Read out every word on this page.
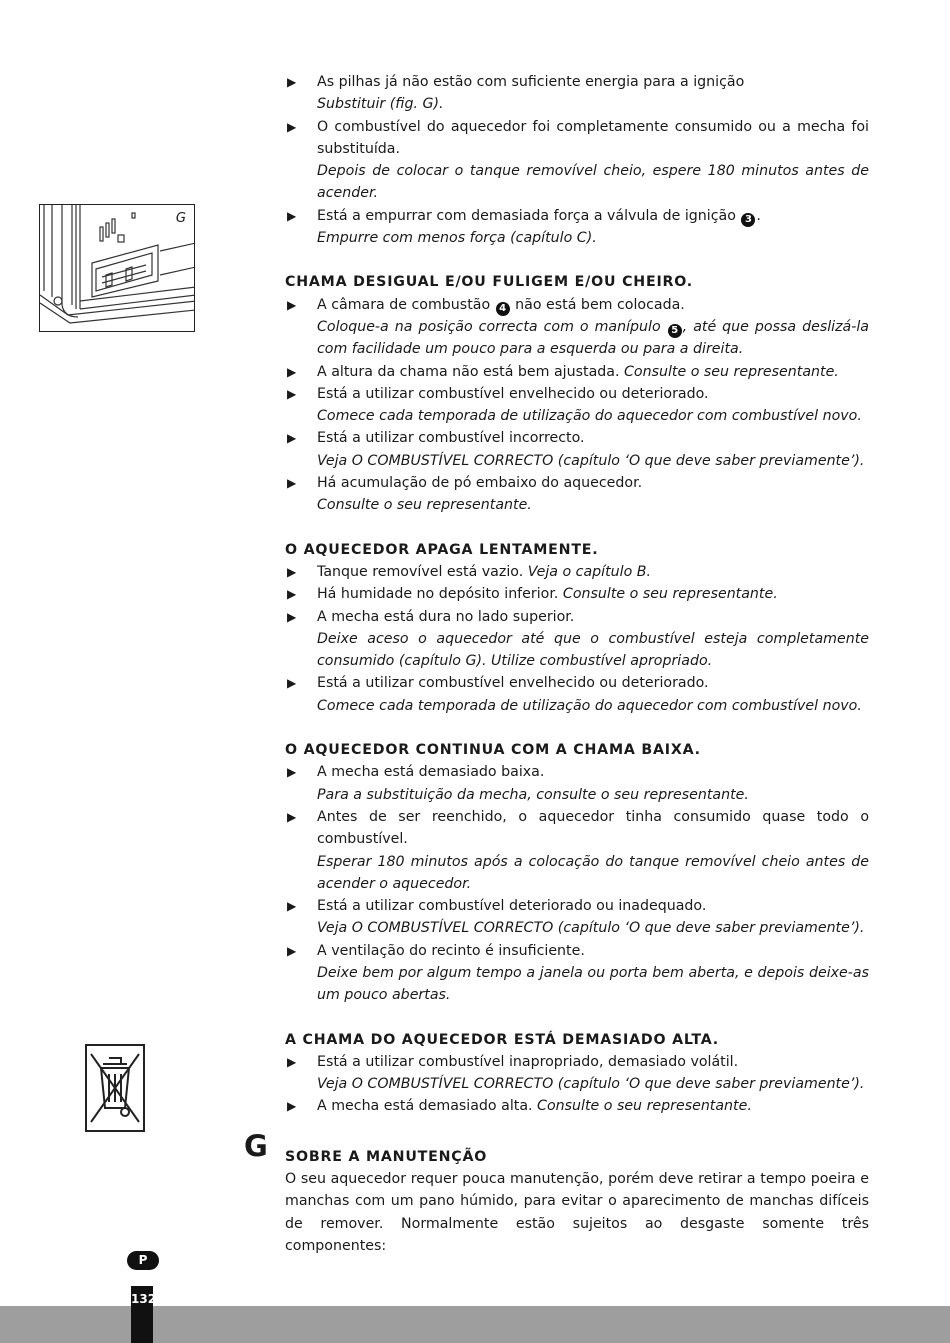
G
▶ As pilhas já não estão com suficiente energia para a ignição
Substituir (fig. G).
▶ O combustível do aquecedor foi completamente consumido ou a mecha foi substituída.
Depois de colocar o tanque removível cheio, espere 180 minutos antes de acender.
▶ Está a empurrar com demasiada força a válvula de ignição 3 .
Empurre com menos força (capítulo C).
CHAMA DESIGUAL E/OU FULIGEM E/OU CHEIRO.
▶ A câmara de combustão 4 não está bem colocada.
Coloque-a na posição correcta com o manípulo 5 , até que possa deslizá-la com facilidade um pouco para a esquerda ou para a direita.
▶ A altura da chama não está bem ajustada. Consulte o seu representante.
▶ Está a utilizar combustível envelhecido ou deteriorado.
Comece cada temporada de utilização do aquecedor com combustível novo.
▶ Está a utilizar combustível incorrecto.
Veja O COMBUSTÍVEL CORRECTO (capítulo ‘O que deve saber previamente’).
▶ Há acumulação de pó embaixo do aquecedor.
Consulte o seu representante.
O AQUECEDOR APAGA LENTAMENTE.
▶ Tanque removível está vazio. Veja o capítulo B.
▶ Há humidade no depósito inferior. Consulte o seu representante.
▶ A mecha está dura no lado superior.
Deixe aceso o aquecedor até que o combustível esteja completamente consumido (capítulo G). Utilize combustível apropriado.
▶ Está a utilizar combustível envelhecido ou deteriorado.
Comece cada temporada de utilização do aquecedor com combustível novo.
O AQUECEDOR CONTINUA COM A CHAMA BAIXA.
▶ A mecha está demasiado baixa.
Para a substituição da mecha, consulte o seu representante.
▶ Antes de ser reenchido, o aquecedor tinha consumido quase todo o combustível.
Esperar 180 minutos após a colocação do tanque removível cheio antes de acender o aquecedor.
▶ Está a utilizar combustível deteriorado ou inadequado.
Veja O COMBUSTÍVEL CORRECTO (capítulo ‘O que deve saber previamente’).
▶ A ventilação do recinto é insuficiente.
Deixe bem por algum tempo a janela ou porta bem aberta, e depois deixe-as um pouco abertas.
A CHAMA DO AQUECEDOR ESTÁ DEMASIADO ALTA.
▶ Está a utilizar combustível inapropriado, demasiado volátil.
Veja O COMBUSTÍVEL CORRECTO (capítulo ‘O que deve saber previamente’).
▶ A mecha está demasiado alta. Consulte o seu representante.
G SOBRE A MANUTENÇÃO
O seu aquecedor requer pouca manutenção, porém deve retirar a tempo poeira e manchas com um pano húmido, para evitar o aparecimento de manchas difíceis de remover. Normalmente estão sujeitos ao desgaste somente três componentes:
P
132
